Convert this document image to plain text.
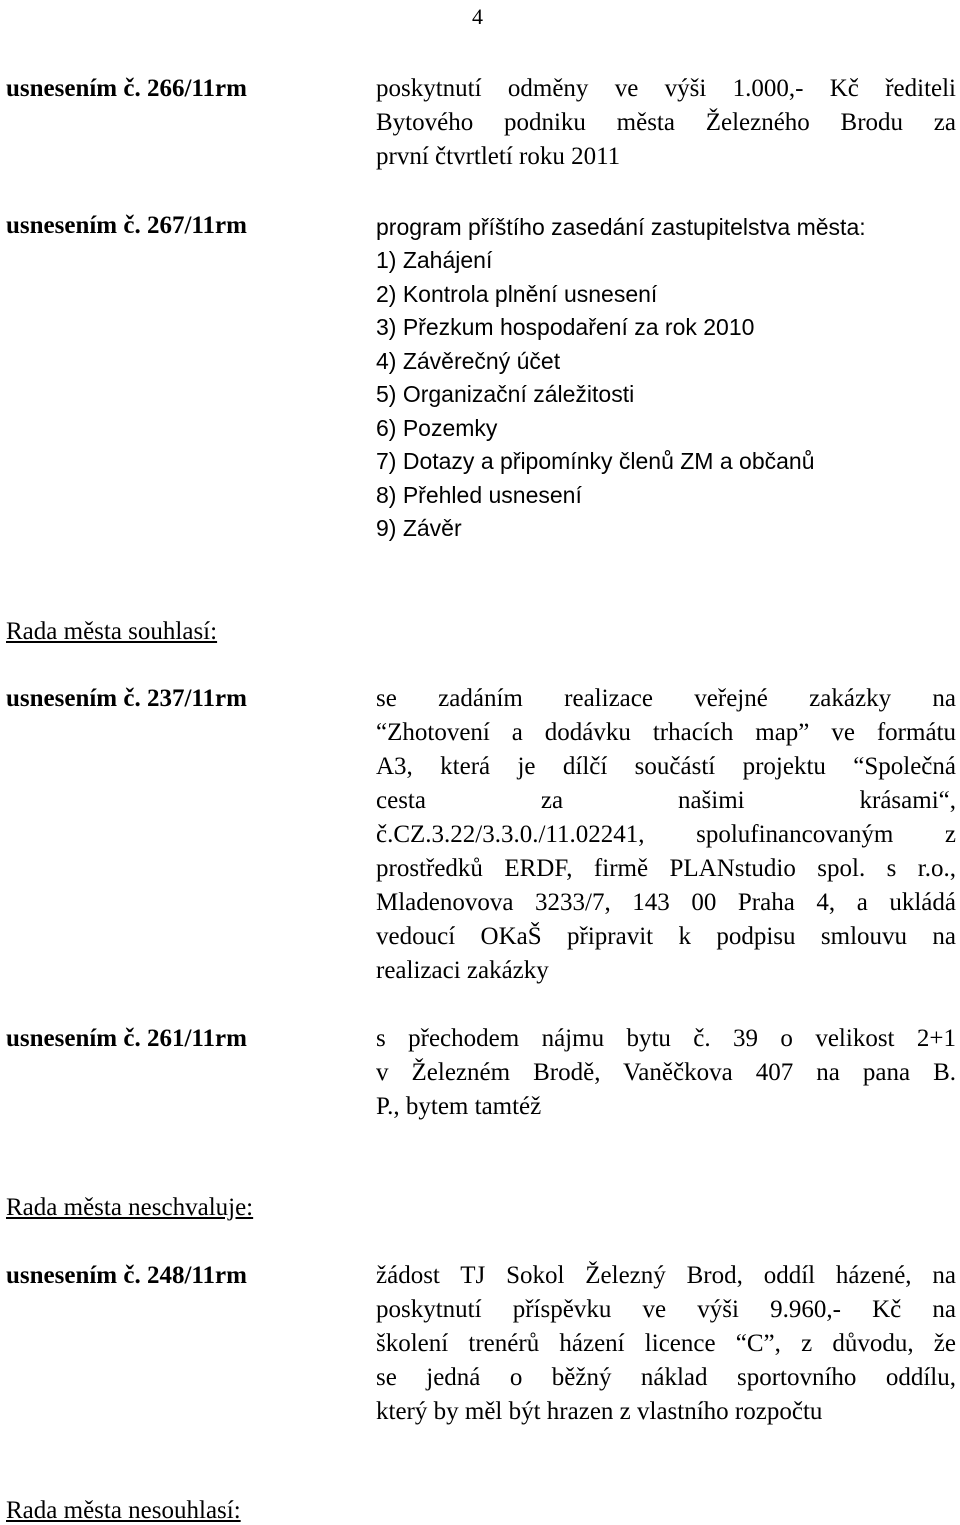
4
usnesením č. 266/11rm	poskytnutí odměny ve výši 1.000,- Kč řediteli
Bytového podniku města Železného Brodu za
první čtvrtletí roku 2011
usnesením č. 267/11rm	program příštího zasedání zastupitelstva města:
1) Zahájení
2) Kontrola plnění usnesení
3) Přezkum hospodaření za rok 2010
4) Závěrečný účet
5) Organizační záležitosti
6) Pozemky
7) Dotazy a připomínky členů ZM a občanů
8) Přehled usnesení
9) Závěr
Rada města souhlasí:
usnesením č. 237/11rm	se zadáním realizace veřejné zakázky na
“Zhotovení a dodávku trhacích map” ve formátu
A3, která je dílčí součástí projektu “Společná
cesta za našimi krásami“,
č.CZ.3.22/3.3.0./11.02241, spolufinancovaným z
prostředků ERDF, firmě PLANstudio spol. s r.o.,
Mladenovova 3233/7, 143 00 Praha 4, a ukládá
vedoucí OKaŠ připravit k podpisu smlouvu na
realizaci zakázky
usnesením č. 261/11rm	s přechodem nájmu bytu č. 39 o velikost 2+1
v Železném Brodě, Vaněčkova 407 na pana B.
P., bytem tamtéž
Rada města neschvaluje:
usnesením č. 248/11rm	žádost TJ Sokol Železný Brod, oddíl házené, na
poskytnutí příspěvku ve výši 9.960,- Kč na
školení trenérů házení licence “C”, z důvodu, že
se jedná o běžný náklad sportovního oddílu,
který by měl být hrazen z vlastního rozpočtu
Rada města nesouhlasí:
